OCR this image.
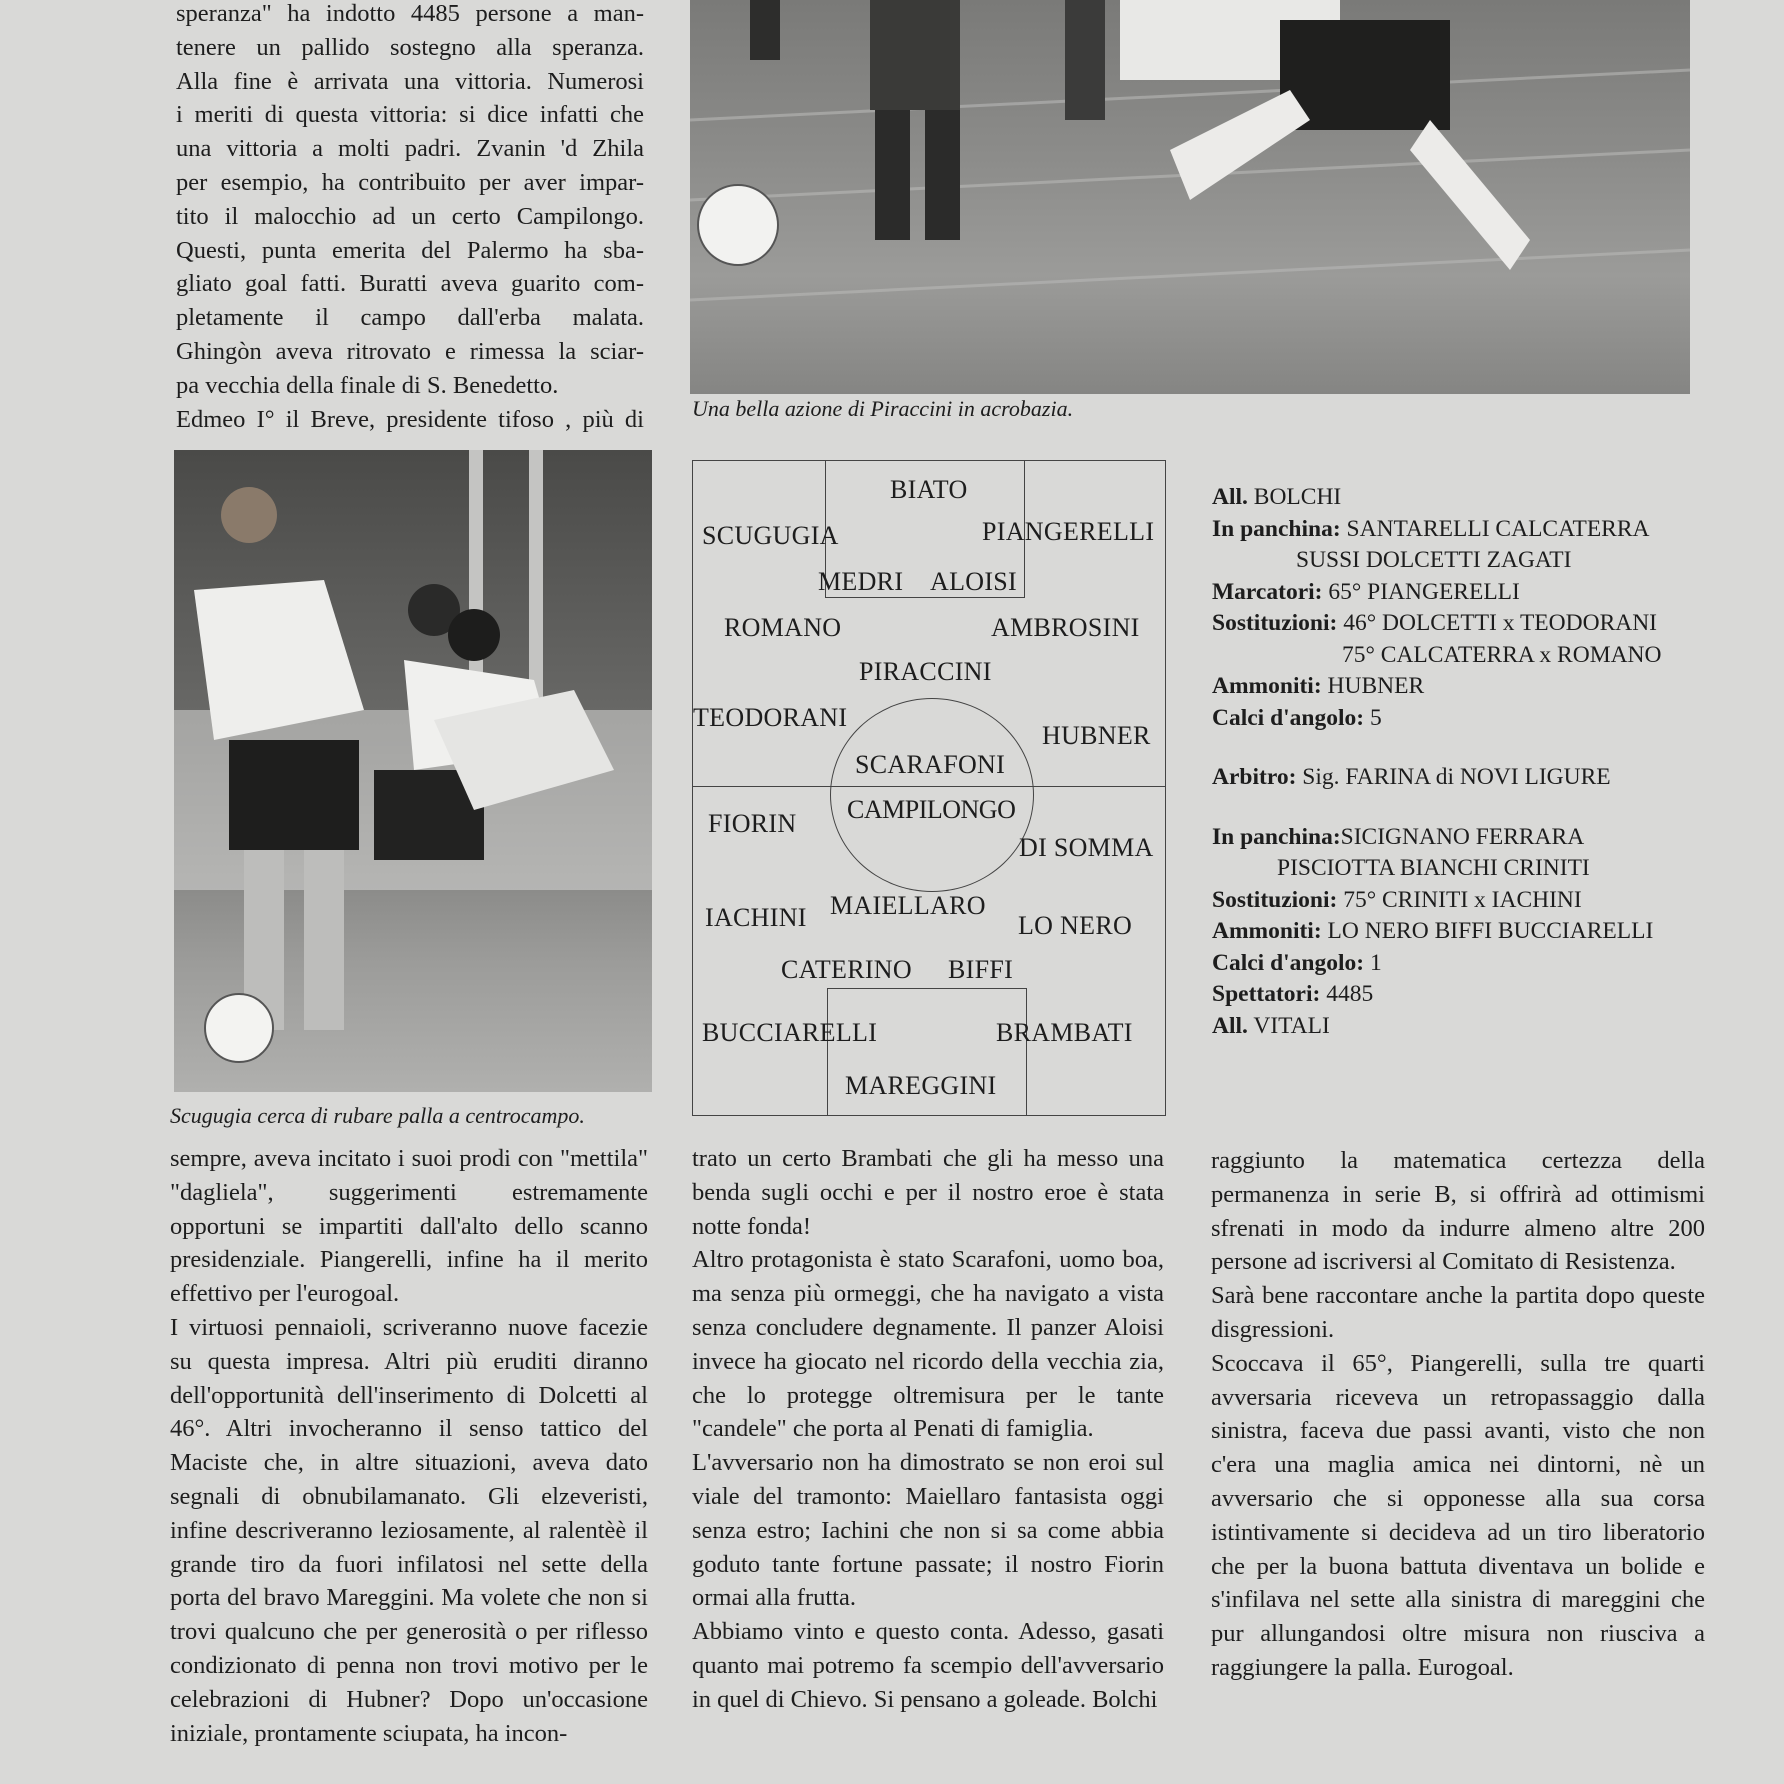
speranza" ha indotto 4485 persone a man-

tenere un pallido sostegno alla speranza.

Alla fine è arrivata una vittoria. Numerosi

i meriti di questa vittoria: si dice infatti che

una vittoria a molti padri. Zvanin 'd Zhila

per esempio, ha contribuito per aver impar-

tito il malocchio ad un certo Campilongo.

Questi, punta emerita del Palermo ha sba-

gliato goal fatti. Buratti aveva guarito com-

pletamente il campo dall'erba malata.

Ghingòn aveva ritrovato e rimessa la sciar-

pa vecchia della finale di S. Benedetto.

Edmeo I° il Breve, presidente tifoso , più di Una bella azione di Piraccini in acrobazia.
Scugugia cerca di rubare palla a centrocampo.
BIATO
SCUGUGIA	PIANGERELLI
MEDRI ALOISI
ROMANO	AMBROSINI
PIRACCINI
TEODORANI
HUBNER
SCARAFONI
CAMPILONGO
FIORIN
DI SOMMA
IACHINI MAIELLARO
LO NERO
CATERINO BIFFI
BUCCIARELLI	BRAMBATI
MAREGGINI
All. BOLCHI
In panchina: SANTARELLI CALCATERRA
SUSSI DOLCETTI ZAGATI
Marcatori: 65° PIANGERELLI
Sostituzioni: 46° DOLCETTI x TEODORANI
75° CALCATERRA x ROMANO
Ammoniti: HUBNER
Calci d'angolo: 5
Arbitro: Sig. FARINA di NOVI LIGURE
In panchina:SICIGNANO FERRARA
PISCIOTTA BIANCHI CRINITI
Sostituzioni: 75° CRINITI x IACHINI
Ammoniti: LO NERO BIFFI BUCCIARELLI
Calci d'angolo: 1
Spettatori: 4485
All. VITALI

sempre, aveva incitato i suoi prodi con "mettila" "dagliela", suggerimenti estremamente opportuni se impartiti dall'alto dello scanno presidenziale. Piangerelli, infine ha il merito effettivo per l'eurogoal.

I virtuosi pennaioli, scriveranno nuove facezie su questa impresa. Altri più eruditi diranno dell'opportunità dell'inserimento di Dolcetti al 46°. Altri invocheranno il senso tattico del Maciste che, in altre situazioni, aveva dato segnali di obnubilamanato. Gli elzeveristi, infine descriveranno leziosamente, al ralentèè il grande tiro da fuori infilatosi nel sette della porta del bravo Mareggini. Ma volete che non si trovi qualcuno che per generosità o per riflesso condizionato di penna non trovi motivo per le celebrazioni di Hubner? Dopo un'occasione iniziale, prontamente sciupata, ha incon-

trato un certo Brambati che gli ha messo una benda sugli occhi e per il nostro eroe è stata notte fonda!

Altro protagonista è stato Scarafoni, uomo boa, ma senza più ormeggi, che ha navigato a vista senza concludere degnamente. Il panzer Aloisi invece ha giocato nel ricordo della vecchia zia, che lo protegge oltremisura per le tante "candele" che porta al Penati di famiglia.

L'avversario non ha dimostrato se non eroi sul viale del tramonto: Maiellaro fantasista oggi senza estro; Iachini che non si sa come abbia goduto tante fortune passate; il nostro Fiorin ormai alla frutta.

Abbiamo vinto e questo conta. Adesso, gasati quanto mai potremo fa scempio dell'avversario in quel di Chievo. Si pensano a goleade. Bolchi

raggiunto la matematica certezza della permanenza in serie B, si offrirà ad ottimismi sfrenati in modo da indurre almeno altre 200 persone ad iscriversi al Comitato di Resistenza.

Sarà bene raccontare anche la partita dopo queste disgressioni.

Scoccava il 65°, Piangerelli, sulla tre quarti avversaria riceveva un retropassaggio dalla sinistra, faceva due passi avanti, visto che non c'era una maglia amica nei dintorni, nè un avversario che si opponesse alla sua corsa istintivamente si decideva ad un tiro liberatorio che per la buona battuta diventava un bolide e s'infilava nel sette alla sinistra di mareggini che pur allungandosi oltre misura non riusciva a raggiungere la palla. Eurogoal.
